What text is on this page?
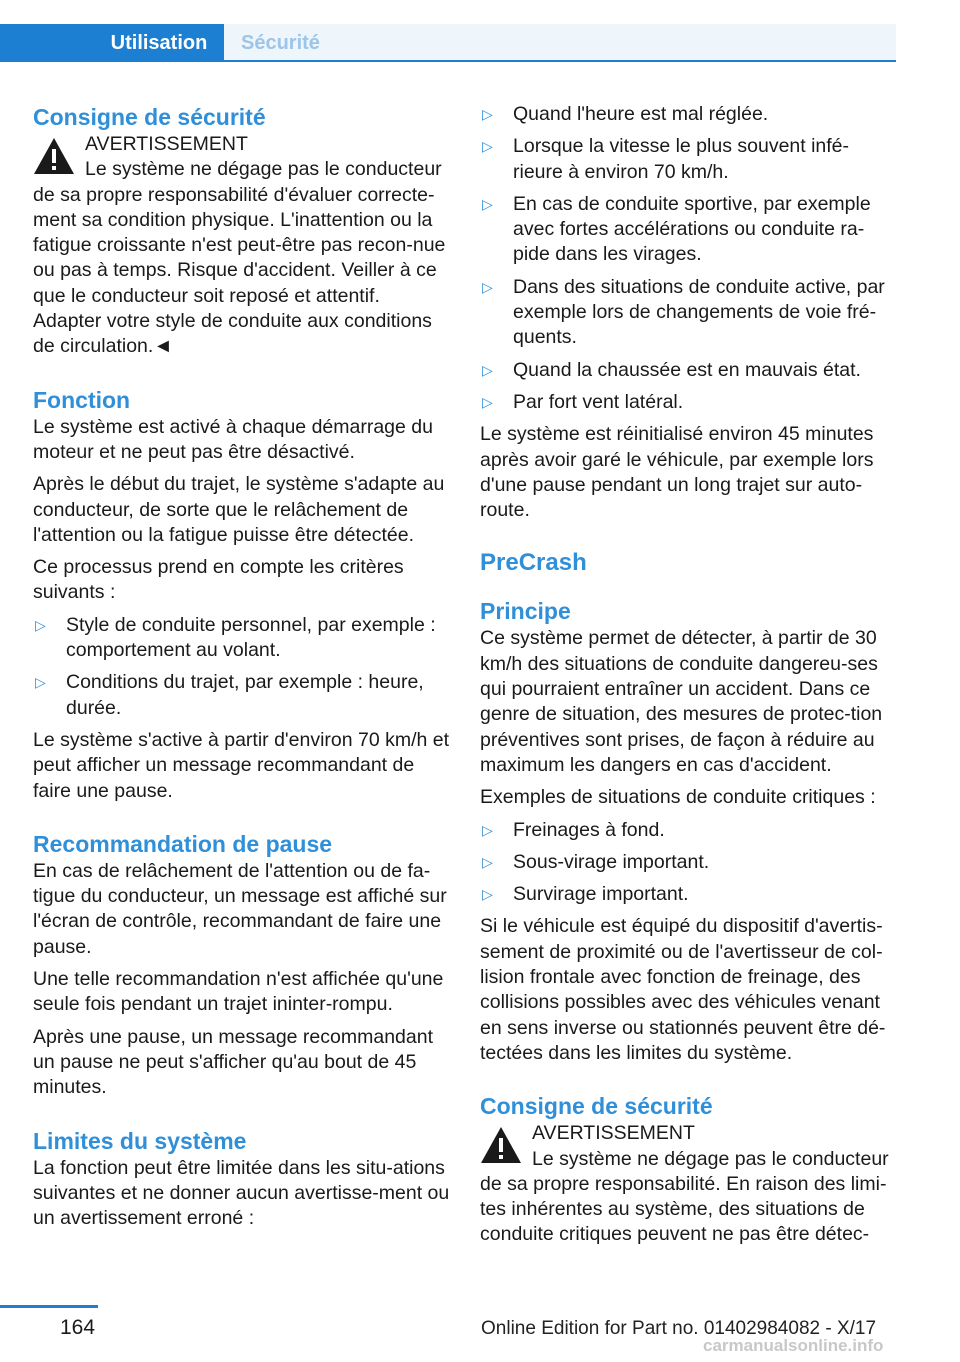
Utilisation	Sécurité
Consigne de sécurité
AVERTISSEMENT

Le système ne dégage pas le conducteur de sa propre responsabilité d'évaluer correcte-ment sa condition physique. L'inattention ou la fatigue croissante n'est peut-être pas recon-nue ou pas à temps. Risque d'accident. Veiller à ce que le conducteur soit reposé et attentif. Adapter votre style de conduite aux conditions de circulation.◄

Fonction

Le système est activé à chaque démarrage du moteur et ne peut pas être désactivé.

Après le début du trajet, le système s'adapte au conducteur, de sorte que le relâchement de l'attention ou la fatigue puisse être détectée.

Ce processus prend en compte les critères suivants :

▷ Style de conduite personnel, par exemple : comportement au volant.
▷ Conditions du trajet, par exemple : heure, durée.

Le système s'active à partir d'environ 70 km/h et peut afficher un message recommandant de faire une pause.

Recommandation de pause

En cas de relâchement de l'attention ou de fa-tigue du conducteur, un message est affiché sur l'écran de contrôle, recommandant de faire une pause.

Une telle recommandation n'est affichée qu'une seule fois pendant un trajet ininter-rompu.

Après une pause, un message recommandant un pause ne peut s'afficher qu'au bout de 45 minutes.

Limites du système

La fonction peut être limitée dans les situ-ations suivantes et ne donner aucun avertisse-ment ou un avertissement erroné :

▷ Quand l'heure est mal réglée.
▷ Lorsque la vitesse le plus souvent infé-rieure à environ 70 km/h.
▷ En cas de conduite sportive, par exemple avec fortes accélérations ou conduite ra-pide dans les virages.
▷ Dans des situations de conduite active, par exemple lors de changements de voie fré-quents.
▷ Quand la chaussée est en mauvais état.
▷ Par fort vent latéral.

Le système est réinitialisé environ 45 minutes après avoir garé le véhicule, par exemple lors d'une pause pendant un long trajet sur auto-route.

PreCrash
Principe

Ce système permet de détecter, à partir de 30 km/h des situations de conduite dangereu-ses qui pourraient entraîner un accident. Dans ce genre de situation, des mesures de protec-tion préventives sont prises, de façon à réduire au maximum les dangers en cas d'accident.

Exemples de situations de conduite critiques :

▷ Freinages à fond.
▷ Sous-virage important.
▷ Survirage important.

Si le véhicule est équipé du dispositif d'avertis-sement de proximité ou de l'avertisseur de col-lision frontale avec fonction de freinage, des collisions possibles avec des véhicules venant en sens inverse ou stationnés peuvent être dé-tectées dans les limites du système.

Consigne de sécurité
AVERTISSEMENT

Le système ne dégage pas le conducteur de sa propre responsabilité. En raison des limi-tes inhérentes au système, des situations de conduite critiques peuvent ne pas être détec-

164	Online Edition for Part no. 01402984082 - X/17
carmanualsonline.info
